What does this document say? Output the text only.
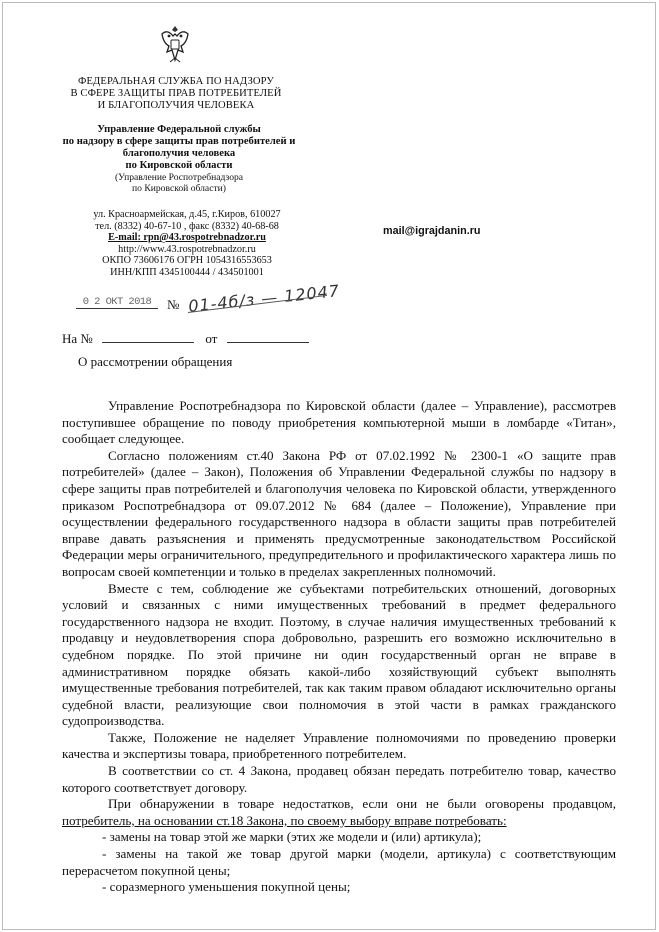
ФЕДЕРАЛЬНАЯ СЛУЖБА ПО НАДЗОРУ
В СФЕРЕ ЗАЩИТЫ ПРАВ ПОТРЕБИТЕЛЕЙ
И БЛАГОПОЛУЧИЯ ЧЕЛОВЕКА
Управление Федеральной службы
по надзору в сфере защиты прав потребителей и
благополучия человека
по Кировской области
(Управление Роспотребнадзора
по Кировской области)
ул. Красноармейская, д.45, г.Киров, 610027
тел. (8332) 40-67-10 , факс (8332) 40-68-68
E-mail: rpn@43.rospotrebnadzor.ru
http://www.43.rospotrebnadzor.ru
ОКПО 73606176 ОГРН 1054316553653
ИНН/КПП 4345100444 / 434501001
mail@igrajdanin.ru
0 2 ОКТ 2018	№ 01-4б/з — 12047
На №	от
О рассмотрении обращения

Управление Роспотребнадзора по Кировской области (далее – Управление), рассмотрев поступившее обращение по поводу приобретения компьютерной мыши в ломбарде «Титан», сообщает следующее.

Согласно положениям ст.40 Закона РФ от 07.02.1992 № 2300-1 «О защите прав потребителей» (далее – Закон), Положения об Управлении Федеральной службы по надзору в сфере защиты прав потребителей и благополучия человека по Кировской области, утвержденного приказом Роспотребнадзора от 09.07.2012 № 684 (далее – Положение), Управление при осуществлении федерального государственного надзора в области защиты прав потребителей вправе давать разъяснения и применять предусмотренные законодательством Российской Федерации меры ограничительного, предупредительного и профилактического характера лишь по вопросам своей компетенции и только в пределах закрепленных полномочий.

Вместе с тем, соблюдение же субъектами потребительских отношений, договорных условий и связанных с ними имущественных требований в предмет федерального государственного надзора не входит. Поэтому, в случае наличия имущественных требований к продавцу и неудовлетворения спора добровольно, разрешить его возможно исключительно в судебном порядке. По этой причине ни один государственный орган не вправе в административном порядке обязать какой-либо хозяйствующий субъект выполнять имущественные требования потребителей, так как таким правом обладают исключительно органы судебной власти, реализующие свои полномочия в этой части в рамках гражданского судопроизводства.

Также, Положение не наделяет Управление полномочиями по проведению проверки качества и экспертизы товара, приобретенного потребителем.

В соответствии со ст. 4 Закона, продавец обязан передать потребителю товар, качество которого соответствует договору.

При обнаружении в товаре недостатков, если они не были оговорены продавцом, потребитель, на основании ст.18 Закона, по своему выбору вправе потребовать:

- замены на товар этой же марки (этих же модели и (или) артикула);

- замены на такой же товар другой марки (модели, артикула) с соответствующим перерасчетом покупной цены;

- соразмерного уменьшения покупной цены;
